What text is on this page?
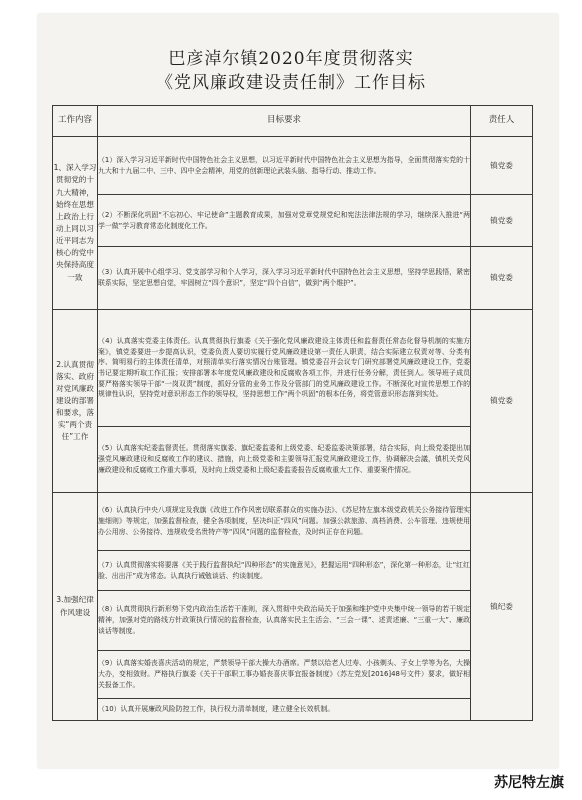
巴彦淖尔镇2020年度贯彻落实
《党风廉政建设责任制》工作目标
工作内容	目标要求	责任人
1、深入学习贯彻党的十九大精神，始终在思想上政治上行动上同以习近平同志为核心的党中央保持高度一致	（1）深入学习习近平新时代中国特色社会主义思想，以习近平新时代中国特色社会主义思想为指导，全面贯彻落实党的十九大和十九届二中、三中、四中全会精神，用党的创新理论武装头脑、指导行动、推动工作。	镇党委
	（2）不断深化巩固“不忘初心、牢记使命”主题教育成果，加强对党章党规党纪和宪法法律法规的学习，继续深入推进“两学一做”学习教育常态化制度化工作。	镇党委
	（3）认真开展中心组学习、党支部学习和个人学习，深入学习习近平新时代中国特色社会主义思想，坚持学思践悟，紧密联系实际，坚定思想自觉，牢固树立“四个意识”，坚定“四个自信”，做到“两个维护”。	镇党委
2.认真贯彻落实、政府对党风廉政建设的部署和要求，落实“两个责任”工作	（4）认真落实党委主体责任。认真贯彻执行旗委《关于强化党风廉政建设主体责任和监督责任常态化督导机制的实施方案》，镇党委要进一步提高认识，党委负责人要切实履行党风廉政建设第一责任人职责，结合实际建立权责对等、分类有序、简明易行的主体责任清单，对照清单实行落实情况台账管理。镇党委召开会议专门研究部署党风廉政建设工作，党委书记要定期听取工作汇报；安排部署本年度党风廉政建设和反腐败各项工作，并进行任务分解，责任到人。领导班子成员要严格落实领导干部“一岗双责”制度，抓好分管的业务工作及分管部门的党风廉政建设工作。不断深化对宣传思想工作的规律性认识，坚持党对意识形态工作的领导权，坚持思想工作“两个巩固”的根本任务，将党管意识形态落到实处。	镇党委
	（5）认真落实纪委监督责任。贯彻落实旗委、旗纪委监委和上级党委、纪委监委决策部署，结合实际，向上级党委提出加强党风廉政建设和反腐败工作的建议、措施，向上级党委和主要领导汇报党风廉政建设工作，协调解决会議，镇机关党风廉政建设和反腐败工作重大事项，及时向上级党委和上级纪委监委报告反腐败重大工作、重要案件情况。	
3.加强纪律作风建设	（6）认真执行中央八项规定及我旗《改进工作作风密切联系群众的实施办法》、《苏尼特左旗本级党政机关公务接待管理实施细则》等规定，加强监督检查，健全各项制度，坚决纠正“四风”问题。加强公款旅游、高档消费、公车管理、违规使用办公用房、公务接待、违规收受名贵特产等“四风”问题的监督检查，及时纠正存在问题。	镇纪委
	（7）认真贯彻落实将要落《关于践行监督执纪“四种形态”的实施意见》，把握运用“四种形态”，深化第一种形态，让“红红脸、出出汗”成为常态。认真执行诫勉谈话、约谈制度。	
	（8）认真贯彻执行新形势下党内政治生活若干准则，深入贯彻中央政治局关于加强和维护党中央集中统一领导的若干规定精神，加强对党的路线方针政策执行情况的监督检查，认真落实民主生活会、“三会一课”、述责述廉、“三重一大”、廉政谈话等制度。	
	（9）认真落实婚丧喜庆活动的规定，严禁领导干部大操大办酒席。严禁以给老人过寿、小孩剃头、子女上学等为名，大操大办，变相敛财。严格执行旗委《关于干部职工事办婚丧喜庆事宜报备制度》（苏左党发[2016]48号文件）要求，做好相关报备工作。	
	（10）认真开展廉政风险防控工作，执行权力清单制度，建立健全长效机制。	
苏尼特左旗
